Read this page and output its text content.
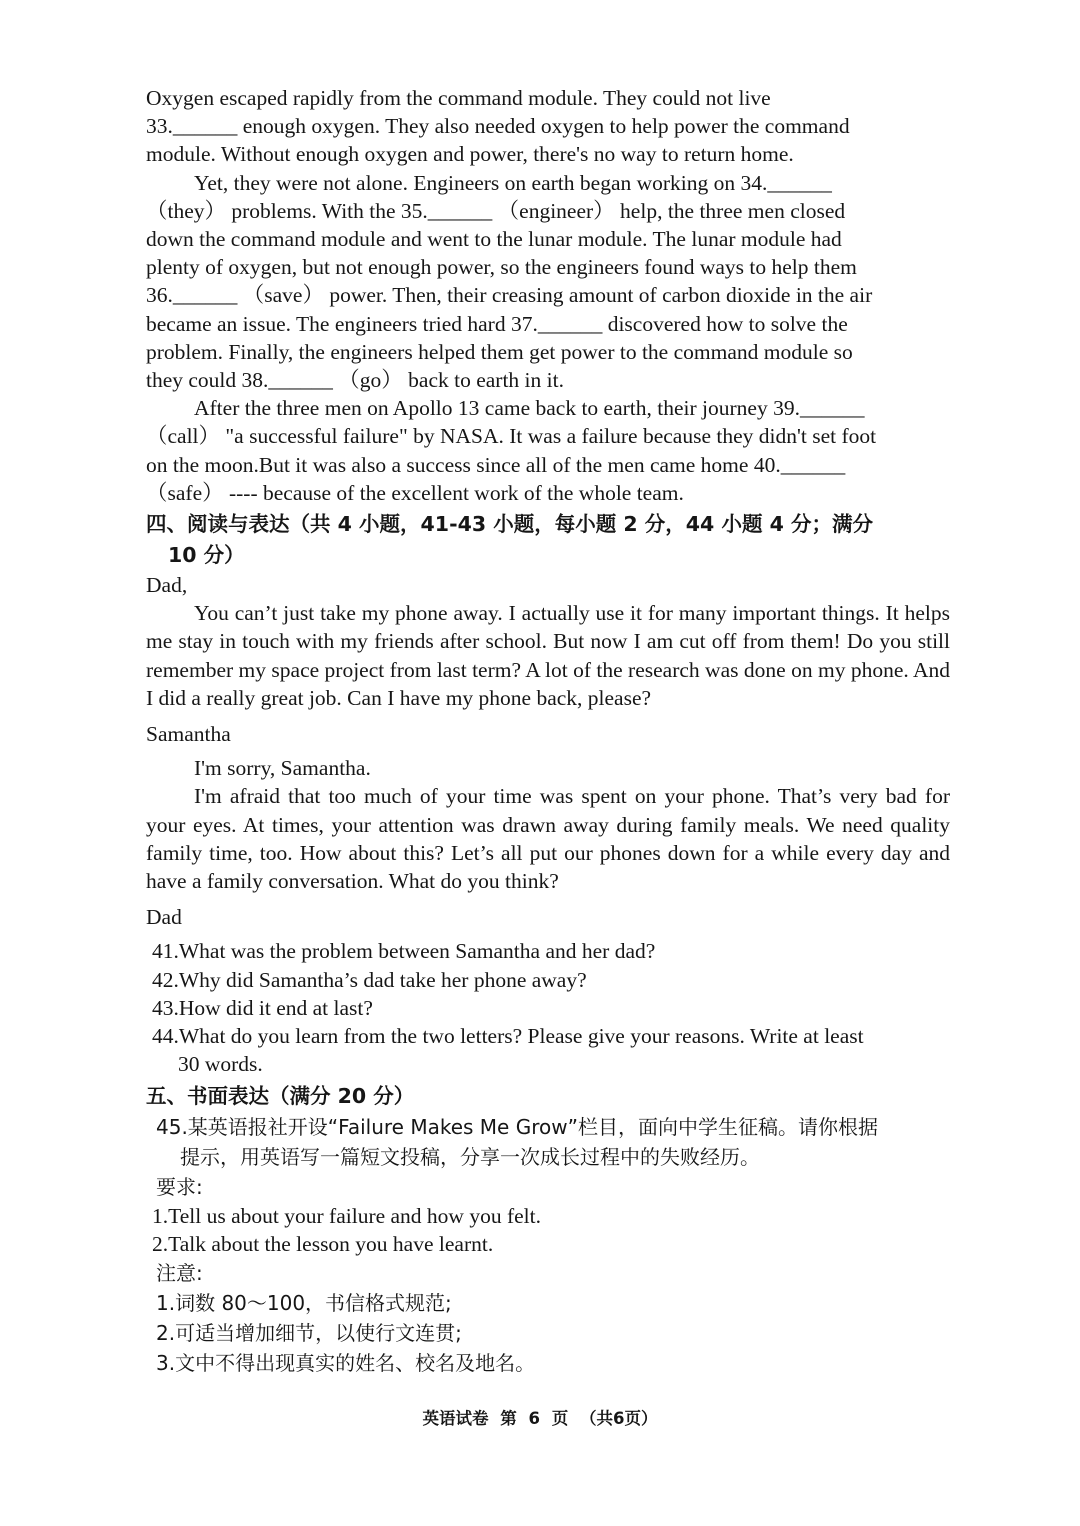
Oxygen escaped rapidly from the command module. They could not live
33.______ enough oxygen. They also needed oxygen to help power the command
module. Without enough oxygen and power, there's no way to return home.

Yet, they were not alone. Engineers on earth began working on 34.______
（they） problems. With the 35.______ （engineer） help, the three men closed
down the command module and went to the lunar module. The lunar module had
plenty of oxygen, but not enough power, so the engineers found ways to help them
36.______ （save） power. Then, their creasing amount of carbon dioxide in the air
became an issue. The engineers tried hard 37.______ discovered how to solve the
problem. Finally, the engineers helped them get power to the command module so
they could 38.______ （go） back to earth in it.

After the three men on Apollo 13 came back to earth, their journey 39.______
（call） "a successful failure" by NASA. It was a failure because they didn't set foot
on the moon.But it was also a success since all of the men came home 40.______
（safe） ---- because of the excellent work of the whole team.

四、阅读与表达（共 4 小题，41-43 小题，每小题 2 分，44 小题 4 分；满分
10 分）

Dad,

You can’t just take my phone away. I actually use it for many important things. It helps me stay in touch with my friends after school. But now I am cut off from them! Do you still remember my space project from last term? A lot of the research was done on my phone. And I did a really great job. Can I have my phone back, please?

Samantha

I'm sorry, Samantha.

I'm afraid that too much of your time was spent on your phone. That’s very bad for your eyes. At times, your attention was drawn away during family meals. We need quality family time, too. How about this? Let’s all put our phones down for a while every day and have a family conversation. What do you think?

Dad

41.What was the problem between Samantha and her dad?

42.Why did Samantha’s dad take her phone away?

43.How did it end at last?

44.What do you learn from the two letters? Please give your reasons. Write at least
30 words.

五、书面表达（满分 20 分）

45.某英语报社开设“Failure Makes Me Grow”栏目，面向中学生征稿。请你根据
提示，用英语写一篇短文投稿，分享一次成长过程中的失败经历。

要求:

1.Tell us about your failure and how you felt.

2.Talk about the lesson you have learnt.

注意:

1.词数 80～100，书信格式规范;

2.可适当增加细节，以使行文连贯;

3.文中不得出现真实的姓名、校名及地名。

英语试卷 第 6 页 （共6页）
